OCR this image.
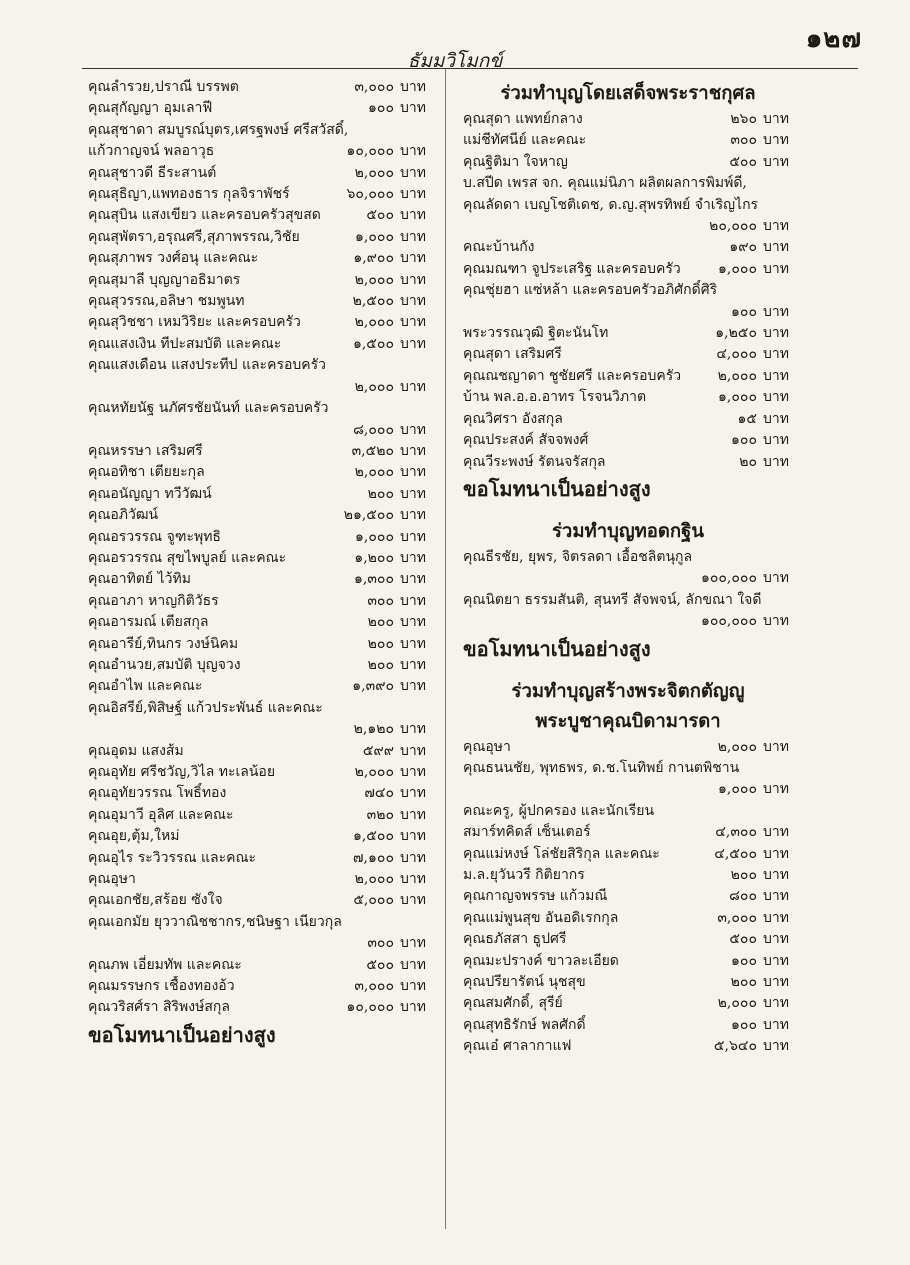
๑๒๗
ธัมมวิโมกข์
คุณลำรวย,ปราณี บรรพต	๓,๐๐๐ บาท
คุณสุกัญญา อุมเลาฟี	๑๐๐ บาท
คุณสุชาดา สมบูรณ์บุตร,เศรฐพงษ์ ศรีสวัสดิ์,
แก้วกาญจน์ พลอาวุธ	๑๐,๐๐๐ บาท
คุณสุชาวดี ธีระสานต์	๒,๐๐๐ บาท
คุณสุธิญา,แพทองธาร กุลจิราพัชร์	๖๐,๐๐๐ บาท
คุณสุบิน แสงเขียว และครอบครัวสุขสด	๕๐๐ บาท
คุณสุพัตรา,อรุณศรี,สุภาพรรณ,วิชัย	๑,๐๐๐ บาท
คุณสุภาพร วงศ์อนุ และคณะ	๑,๙๐๐ บาท
คุณสุมาลี บุญญาอธิมาตร	๒,๐๐๐ บาท
คุณสุวรรณ,อลิษา ชมพูนท	๒,๕๐๐ บาท
คุณสุวิชชา เหมวิริยะ และครอบครัว	๒,๐๐๐ บาท
คุณแสงเงิน ทีปะสมบัติ และคณะ	๑,๕๐๐ บาท
คุณแสงเดือน แสงประทีป และครอบครัว
๒,๐๐๐ บาท
คุณหทัยนัฐ นภัศรชัยนันท์ และครอบครัว
๘,๐๐๐ บาท
คุณหรรษา เสริมศรี	๓,๕๒๐ บาท
คุณอทิชา เตียยะกุล	๒,๐๐๐ บาท
คุณอนัญญา ทวีวัฒน์	๒๐๐ บาท
คุณอภิวัฒน์	๒๑,๕๐๐ บาท
คุณอรวรรณ จูฑะพุทธิ	๑,๐๐๐ บาท
คุณอรวรรณ สุขไพบูลย์ และคณะ	๑,๒๐๐ บาท
คุณอาทิตย์ ไว้ทิม	๑,๓๐๐ บาท
คุณอาภา หาญกิติวัธร	๓๐๐ บาท
คุณอารมณ์ เตียสกุล	๒๐๐ บาท
คุณอารีย์,ทินกร วงษ์นิคม	๒๐๐ บาท
คุณอำนวย,สมบัติ บุญจวง	๒๐๐ บาท
คุณอำไพ และคณะ	๑,๓๙๐ บาท
คุณอิสรีย์,พิสิษฐ์ แก้วประพันธ์ และคณะ
๒,๑๒๐ บาท
คุณอุดม แสงส้ม	๕๙๙ บาท
คุณอุทัย ศรีชวัญ,วิไล ทะเลน้อย	๒,๐๐๐ บาท
คุณอุทัยวรรณ โพธิ์ทอง	๗๔๐ บาท
คุณอุมาวี อุลิศ และคณะ	๓๒๐ บาท
คุณอุย,ตุ้ม,ใหม่	๑,๕๐๐ บาท
คุณอุไร ระวิวรรณ และคณะ	๗,๑๐๐ บาท
คุณอุษา	๒,๐๐๐ บาท
คุณเอกชัย,สร้อย ซังใจ	๕,๐๐๐ บาท
คุณเอกมัย ยุววาณิชชากร,ชนิษฐา เนียวกุล
๓๐๐ บาท
คุณภพ เอี่ยมทัพ และคณะ	๕๐๐ บาท
คุณมรรษกร เชื้องทองอ้ว	๓,๐๐๐ บาท
คุณวริสศ์รา สิริพงษ์สกุล	๑๐,๐๐๐ บาท
ขอโมทนาเป็นอย่างสูง
ร่วมทำบุญโดยเสด็จพระราชกุศล
คุณสุดา แพทย์กลาง	๒๖๐ บาท
แม่ชีทัศนีย์ และคณะ	๓๐๐ บาท
คุณฐิติมา ใจหาญ	๕๐๐ บาท
บ.สปีด เพรส จก. คุณแม่นิภา ผลิตผลการพิมพ์ดี,
คุณลัดดา เบญโชติเดช, ด.ญ.สุพรทิพย์ จำเริญไกร
๒๐,๐๐๐ บาท
คณะบ้านกัง	๑๙๐ บาท
คุณมณฑา จูประเสริฐ และครอบครัว	๑,๐๐๐ บาท
คุณชุ่ยฮา แซ่หล้า และครอบครัวอภิศักดิ์ศิริ
๑๐๐ บาท
พระวรรณวุฒิ ฐิตะนันโท	๑,๒๕๐ บาท
คุณสุดา เสริมศรี	๔,๐๐๐ บาท
คุณณชญาดา ชูชัยศรี และครอบครัว	๒,๐๐๐ บาท
บ้าน พล.อ.อ.อาทร โรจนวิภาต	๑,๐๐๐ บาท
คุณวิศรา อังสกุล	๑๕ บาท
คุณประสงค์ สัจจพงศ์	๑๐๐ บาท
คุณวีระพงษ์ รัตนจรัสกุล	๒๐ บาท
ขอโมทนาเป็นอย่างสูง
ร่วมทำบุญทอดกฐิน
คุณธีรชัย, ยุพร, จิตรลดา เอื้อชลิตนุกูล
๑๐๐,๐๐๐ บาท
คุณนิตยา ธรรมสันติ, สุนทรี สัจพจน์, ลักขณา ใจดี
๑๐๐,๐๐๐ บาท
ขอโมทนาเป็นอย่างสูง
ร่วมทำบุญสร้างพระจิตกตัญญู
พระบูชาคุณบิดามารดา
คุณอุษา	๒,๐๐๐ บาท
คุณธนนชัย, พุทธพร, ด.ช.โนทิพย์ กานตพิชาน
๑,๐๐๐ บาท
คณะครู, ผู้ปกครอง และนักเรียน
สมาร์ทคิดส์ เซ็นเตอร์	๔,๓๐๐ บาท
คุณแม่หงษ์ โล่ชัยสิริกุล และคณะ	๔,๕๐๐ บาท
ม.ล.ยุวันวรี กิติยากร	๒๐๐ บาท
คุณกาญจพรรษ แก้วมณี	๘๐๐ บาท
คุณแม่พูนสุข อันอดิเรกกุล	๓,๐๐๐ บาท
คุณธภัสสา ธูปศรี	๕๐๐ บาท
คุณมะปรางค์ ขาวละเอียด	๑๐๐ บาท
คุณปรียารัตน์ นุชสุข	๒๐๐ บาท
คุณสมศักดิ์, สุรีย์	๒,๐๐๐ บาท
คุณสุทธิรักษ์ พลศักดิ์	๑๐๐ บาท
คุณเอ๋ ศาลากาแฟ	๕,๖๔๐ บาท
